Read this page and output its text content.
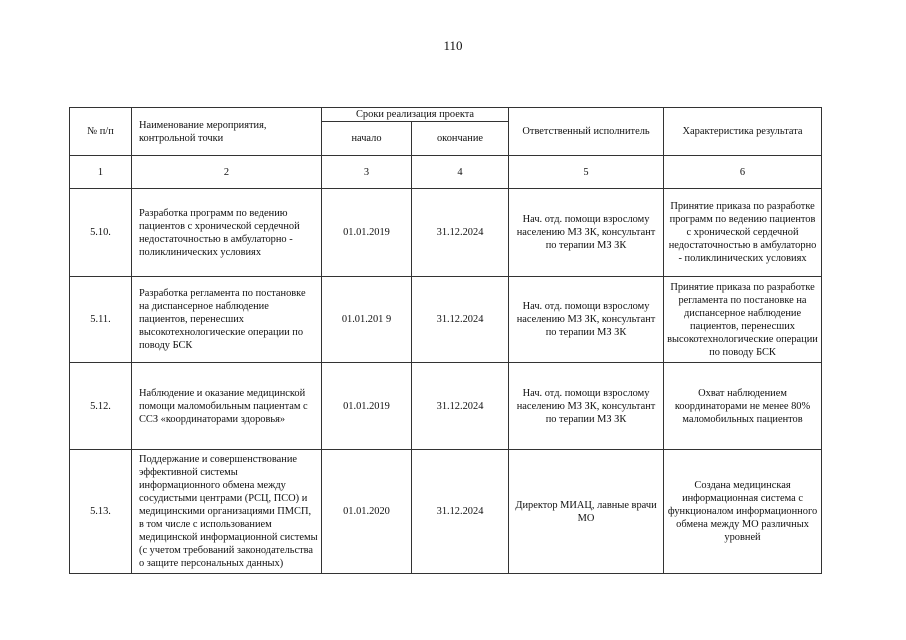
110
№ п/п	Наименование мероприятия, контрольной точки	Сроки реализация проекта		Ответственный исполнитель	Характеристика результата
		начало	окончание		
1	2	3	4	5	6
5.10.	Разработка программ по ведению пациентов с хронической сердечной недостаточностью в амбулаторно - поликлинических условиях	01.01.2019	31.12.2024	Нач. отд. помощи взрослому населению МЗ ЗК, консультант по терапии МЗ ЗК	Принятие приказа по разработке программ по ведению пациентов с хронической сердечной недостаточностью в амбулаторно - поликлинических условиях
5.11.	Разработка регламента по постановке на диспансерное наблюдение пациентов, перенесших высокотехнологические операции по поводу БСК	01.01.201 9	31.12.2024	Нач. отд. помощи взрослому населению МЗ ЗК, консультант по терапии МЗ ЗК	Принятие приказа по разработке регламента по постановке на диспансерное наблюдение пациентов, перенесших высокотехнологические операции по поводу БСК
5.12.	Наблюдение и оказание медицинской помощи маломобильным пациентам с ССЗ «координаторами здоровья»	01.01.2019	31.12.2024	Нач. отд. помощи взрослому населению МЗ ЗК, консультант по терапии МЗ ЗК	Охват наблюдением координаторами не менее 80% маломобильных пациентов
5.13.	Поддержание и совершенствование эффективной системы информационного обмена между сосудистыми центрами (РСЦ, ПСО) и медицинскими организациями ПМСП, в том числе с использованием медицинской информационной системы (с учетом требований законодательства о защите персональных данных)	01.01.2020	31.12.2024	Директор МИАЦ, лавные врачи МО	Создана медицинская информационная система с функционалом информационного обмена между МО различных уровней
